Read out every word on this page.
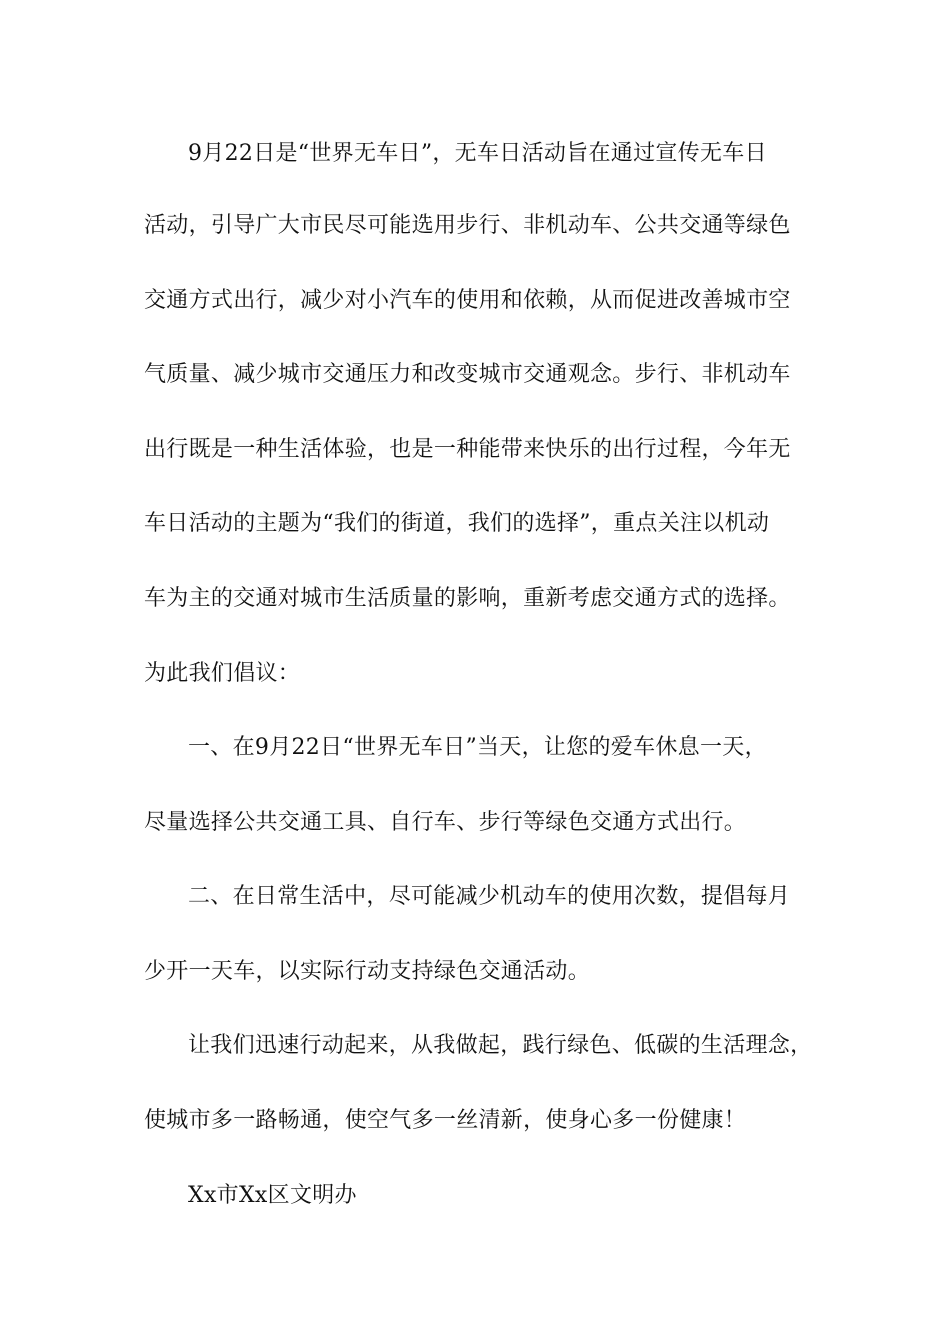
9月22日是“世界无车日”，无车日活动旨在通过宣传无车日
活动，引导广大市民尽可能选用步行、非机动车、公共交通等绿色
交通方式出行，减少对小汽车的使用和依赖，从而促进改善城市空
气质量、减少城市交通压力和改变城市交通观念。步行、非机动车
出行既是一种生活体验，也是一种能带来快乐的出行过程，今年无
车日活动的主题为“我们的街道，我们的选择”，重点关注以机动
车为主的交通对城市生活质量的影响，重新考虑交通方式的选择。
为此我们倡议：
一、在9月22日“世界无车日”当天，让您的爱车休息一天，
尽量选择公共交通工具、自行车、步行等绿色交通方式出行。
二、在日常生活中，尽可能减少机动车的使用次数，提倡每月
少开一天车，以实际行动支持绿色交通活动。
让我们迅速行动起来，从我做起，践行绿色、低碳的生活理念，
使城市多一路畅通，使空气多一丝清新，使身心多一份健康！
Xx市Xx区文明办
